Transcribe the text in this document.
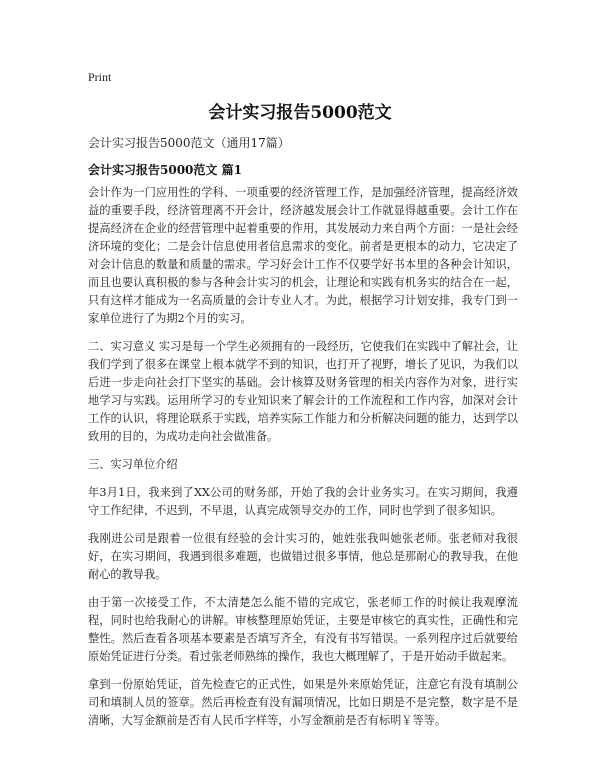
Print
会计实习报告5000范文
会计实习报告5000范文（通用17篇）
会计实习报告5000范文 篇1

会计作为一门应用性的学科、一项重要的经济管理工作，是加强经济管理，提高经济效益的重要手段，经济管理离不开会计，经济越发展会计工作就显得越重要。会计工作在提高经济在企业的经营管理中起着重要的作用，其发展动力来自两个方面：一是社会经济环境的变化；二是会计信息使用者信息需求的变化。前者是更根本的动力，它决定了对会计信息的数量和质量的需求。学习好会计工作不仅要学好书本里的各种会计知识，而且也要认真积极的参与各种会计实习的机会，让理论和实践有机务实的结合在一起，只有这样才能成为一名高质量的会计专业人才。为此，根据学习计划安排，我专门到一家单位进行了为期2个月的实习。

二、实习意义 实习是每一个学生必须拥有的一段经历，它使我们在实践中了解社会，让我们学到了很多在课堂上根本就学不到的知识，也打开了视野，增长了见识，为我们以后进一步走向社会打下坚实的基础。会计核算及财务管理的相关内容作为对象，进行实地学习与实践。运用所学习的专业知识来了解会计的工作流程和工作内容，加深对会计工作的认识，将理论联系于实践，培养实际工作能力和分析解决问题的能力，达到学以致用的目的，为成功走向社会做准备。

三、实习单位介绍

年3月1日，我来到了XX公司的财务部，开始了我的会计业务实习。在实习期间，我遵守工作纪律，不迟到，不早退，认真完成领导交办的工作，同时也学到了很多知识。

我刚进公司是跟着一位很有经验的会计实习的，她姓张我叫她张老师。张老师对我很好，在实习期间，我遇到很多难题，也做错过很多事情，他总是那耐心的教导我，在他耐心的教导我。

由于第一次接受工作，不太清楚怎么能不错的完成它，张老师工作的时候让我观摩流程，同时也给我耐心的讲解。审核整理原始凭证，主要是审核它的真实性，正确性和完整性。然后查看各项基本要素是否填写齐全，有没有书写错误。一系列程序过后就要给原始凭证进行分类。看过张老师熟练的操作，我也大概理解了，于是开始动手做起来。

拿到一份原始凭证，首先检查它的正式性，如果是外来原始凭证，注意它有没有填制公司和填制人员的签章。然后再检查有没有漏项情况，比如日期是不是完整，数字是不是清晰，大写金额前是否有人民币字样等，小写金额前是否有标明￥等等。
